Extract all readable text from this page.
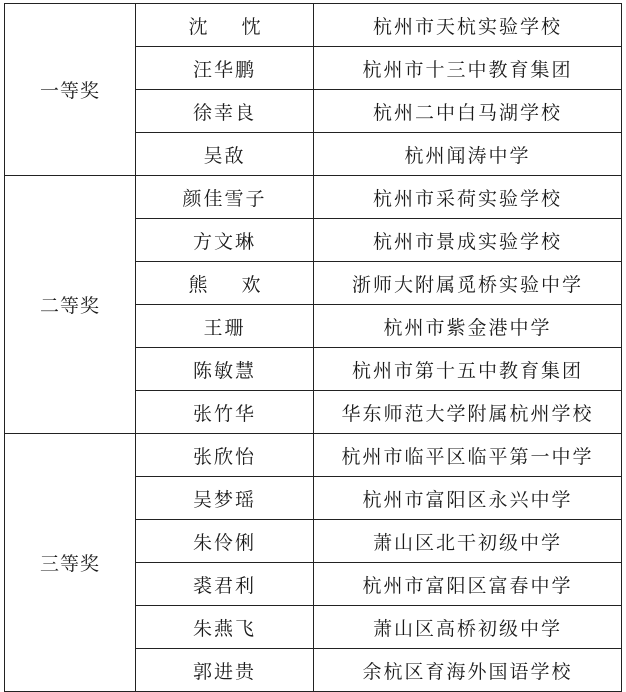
一等奖	沈 忱	杭州市天杭实验学校
	汪华鹏	杭州市十三中教育集团
	徐幸良	杭州二中白马湖学校
	吴敌	杭州闻涛中学
二等奖	颜佳雪子	杭州市采荷实验学校
	方文琳	杭州市景成实验学校
	熊 欢	浙师大附属觅桥实验中学
	王珊	杭州市紫金港中学
	陈敏慧	杭州市第十五中教育集团
	张竹华	华东师范大学附属杭州学校
三等奖	张欣怡	杭州市临平区临平第一中学
	吴梦瑶	杭州市富阳区永兴中学
	朱伶俐	萧山区北干初级中学
	裘君利	杭州市富阳区富春中学
	朱燕飞	萧山区高桥初级中学
	郭进贵	余杭区育海外国语学校
